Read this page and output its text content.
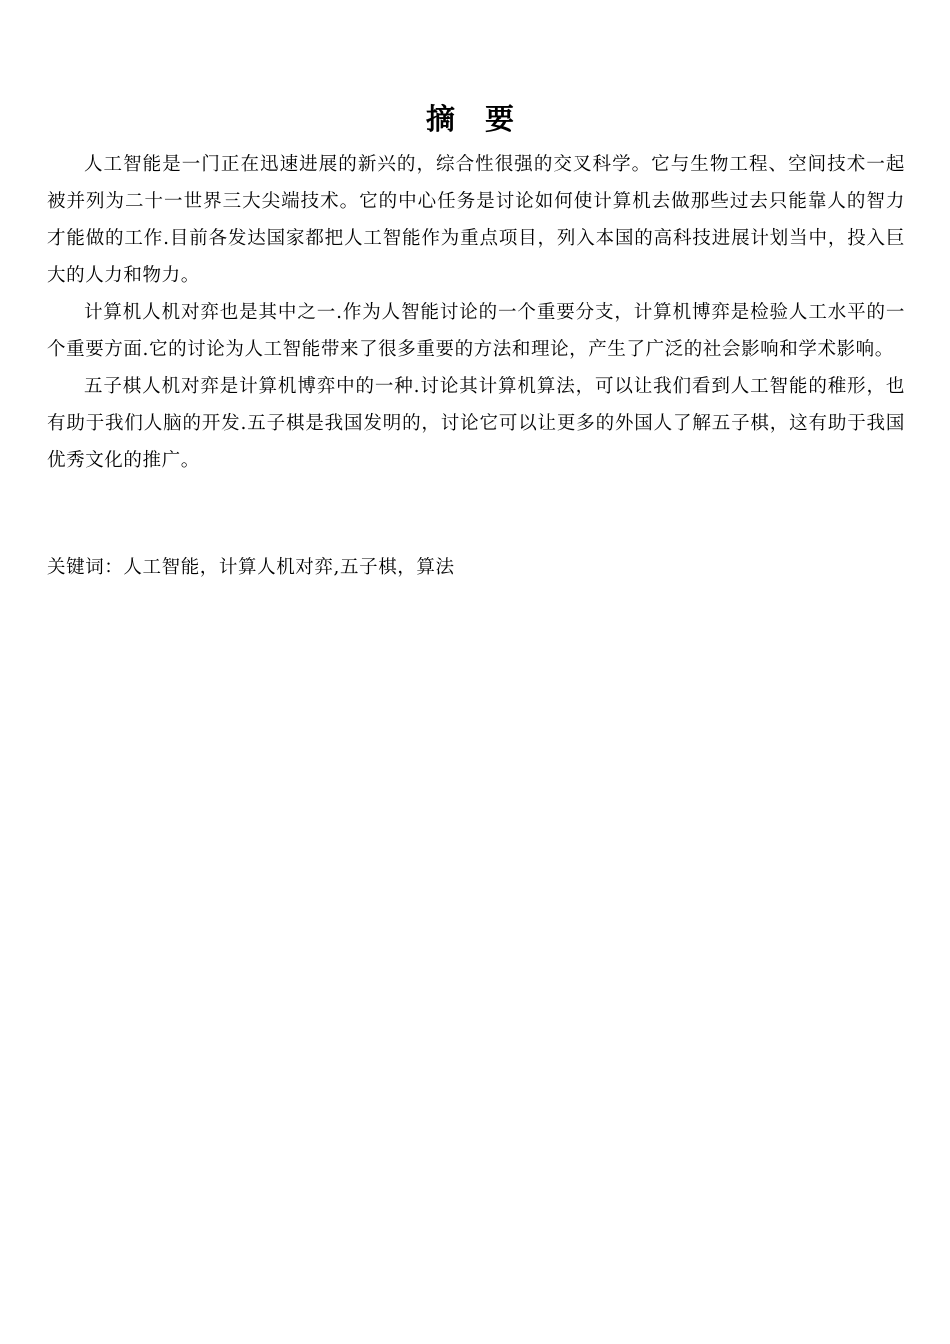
摘 要

人工智能是一门正在迅速进展的新兴的，综合性很强的交叉科学。它与生物工程、空间技术一起被并列为二十一世界三大尖端技术。它的中心任务是讨论如何使计算机去做那些过去只能靠人的智力才能做的工作.目前各发达国家都把人工智能作为重点项目，列入本国的高科技进展计划当中，投入巨大的人力和物力。

计算机人机对弈也是其中之一.作为人智能讨论的一个重要分支，计算机博弈是检验人工水平的一个重要方面.它的讨论为人工智能带来了很多重要的方法和理论，产生了广泛的社会影响和学术影响。

五子棋人机对弈是计算机博弈中的一种.讨论其计算机算法，可以让我们看到人工智能的稚形，也有助于我们人脑的开发.五子棋是我国发明的，讨论它可以让更多的外国人了解五子棋，这有助于我国优秀文化的推广。

关键词：人工智能，计算人机对弈,五子棋，算法
